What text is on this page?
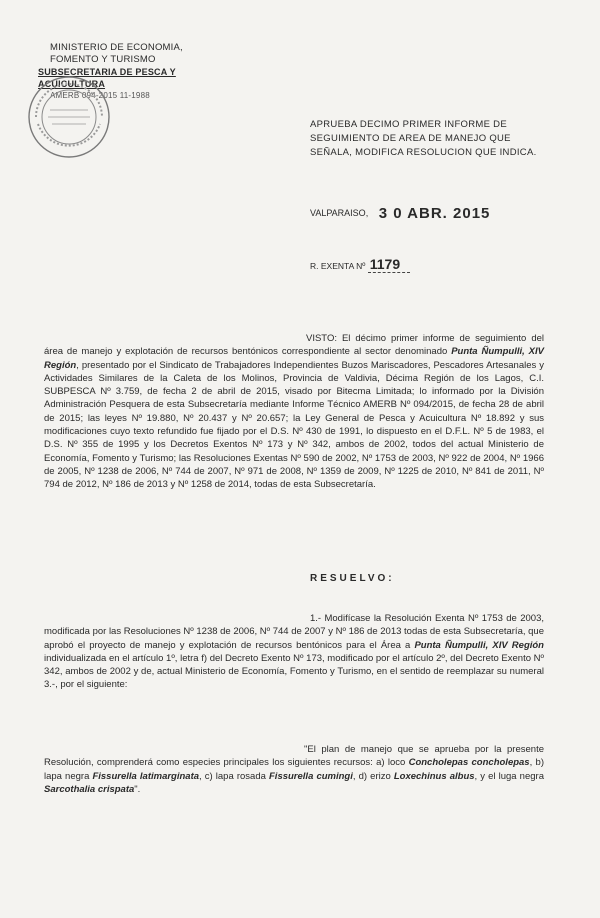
MINISTERIO DE ECONOMIA,
FOMENTO Y TURISMO
SUBSECRETARIA DE PESCA Y ACUICULTURA
AMERB 094-2015 11-1988
APRUEBA DECIMO PRIMER INFORME DE SEGUIMIENTO DE AREA DE MANEJO QUE SEÑALA, MODIFICA RESOLUCION QUE INDICA.
VALPARAISO, 3 0 ABR. 2015
R. EXENTA Nº 1179
VISTO: El décimo primer informe de seguimiento del área de manejo y explotación de recursos bentónicos correspondiente al sector denominado Punta Ñumpulli, XIV Región, presentado por el Sindicato de Trabajadores Independientes Buzos Mariscadores, Pescadores Artesanales y Actividades Similares de la Caleta de los Molinos, Provincia de Valdivia, Décima Región de los Lagos, C.I. SUBPESCA Nº 3.759, de fecha 2 de abril de 2015, visado por Bitecma Limitada; lo informado por la División Administración Pesquera de esta Subsecretaría mediante Informe Técnico AMERB Nº 094/2015, de fecha 28 de abril de 2015; las leyes Nº 19.880, Nº 20.437 y Nº 20.657; la Ley General de Pesca y Acuicultura Nº 18.892 y sus modificaciones cuyo texto refundido fue fijado por el D.S. Nº 430 de 1991, lo dispuesto en el D.F.L. Nº 5 de 1983, el D.S. Nº 355 de 1995 y los Decretos Exentos Nº 173 y Nº 342, ambos de 2002, todos del actual Ministerio de Economía, Fomento y Turismo; las Resoluciones Exentas Nº 590 de 2002, Nº 1753 de 2003, Nº 922 de 2004, Nº 1966 de 2005, Nº 1238 de 2006, Nº 744 de 2007, Nº 971 de 2008, Nº 1359 de 2009, Nº 1225 de 2010, Nº 841 de 2011, Nº 794 de 2012, Nº 186 de 2013 y Nº 1258 de 2014, todas de esta Subsecretaría.
RESUELVO:
1.- Modifícase la Resolución Exenta Nº 1753 de 2003, modificada por las Resoluciones Nº 1238 de 2006, Nº 744 de 2007 y Nº 186 de 2013 todas de esta Subsecretaría, que aprobó el proyecto de manejo y explotación de recursos bentónicos para el Área a Punta Ñumpulli, XIV Región individualizada en el artículo 1º, letra f) del Decreto Exento Nº 173, modificado por el artículo 2º, del Decreto Exento Nº 342, ambos de 2002 y de, actual Ministerio de Economía, Fomento y Turismo, en el sentido de reemplazar su numeral 3.-, por el siguiente:
"El plan de manejo que se aprueba por la presente Resolución, comprenderá como especies principales los siguientes recursos: a) loco Concholepas concholepas, b) lapa negra Fissurella latimarginata, c) lapa rosada Fissurella cumingi, d) erizo Loxechinus albus, y el luga negra Sarcothalia crispata".
